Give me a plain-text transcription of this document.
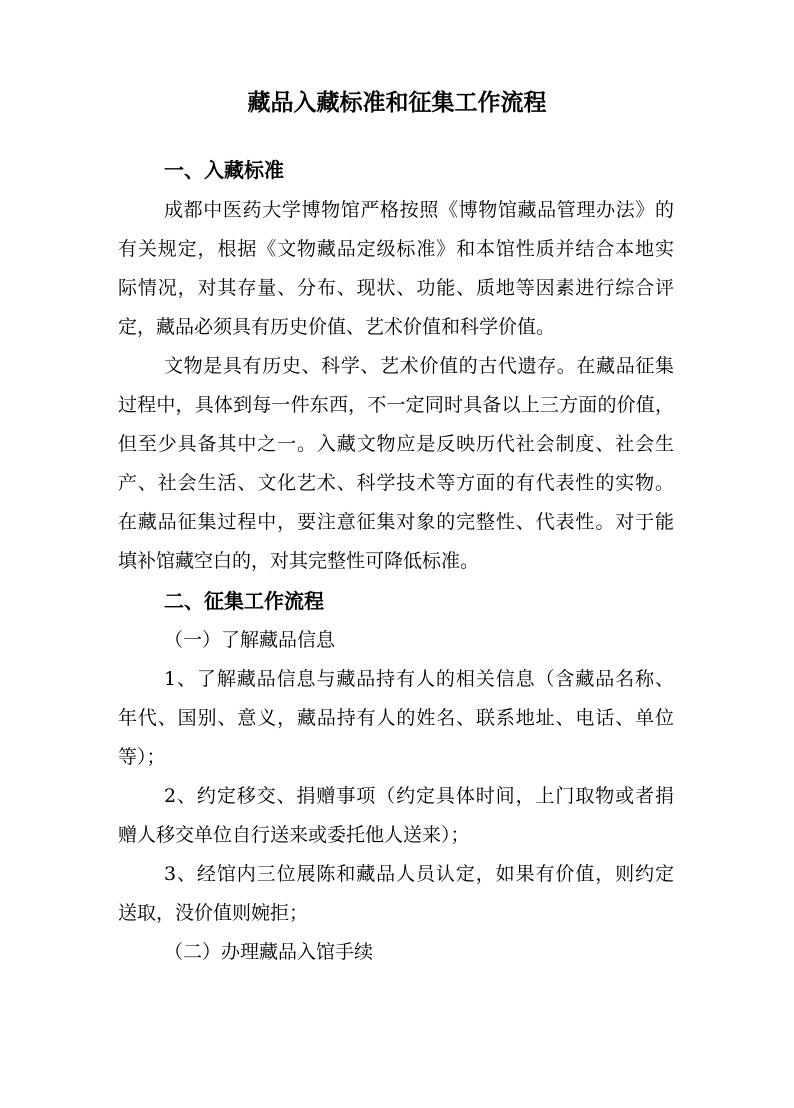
藏品入藏标准和征集工作流程
一、入藏标准

成都中医药大学博物馆严格按照《博物馆藏品管理办法》的

有关规定，根据《文物藏品定级标准》和本馆性质并结合本地实

际情况，对其存量、分布、现状、功能、质地等因素进行综合评

定，藏品必须具有历史价值、艺术价值和科学价值。

文物是具有历史、科学、艺术价值的古代遗存。在藏品征集

过程中，具体到每一件东西，不一定同时具备以上三方面的价值，

但至少具备其中之一。入藏文物应是反映历代社会制度、社会生

产、社会生活、文化艺术、科学技术等方面的有代表性的实物。

在藏品征集过程中，要注意征集对象的完整性、代表性。对于能

填补馆藏空白的，对其完整性可降低标准。

二、征集工作流程

（一）了解藏品信息

1、了解藏品信息与藏品持有人的相关信息（含藏品名称、

年代、国别、意义，藏品持有人的姓名、联系地址、电话、单位

等）；

2、约定移交、捐赠事项（约定具体时间，上门取物或者捐

赠人移交单位自行送来或委托他人送来）；

3、经馆内三位展陈和藏品人员认定，如果有价值，则约定

送取，没价值则婉拒；

（二）办理藏品入馆手续
